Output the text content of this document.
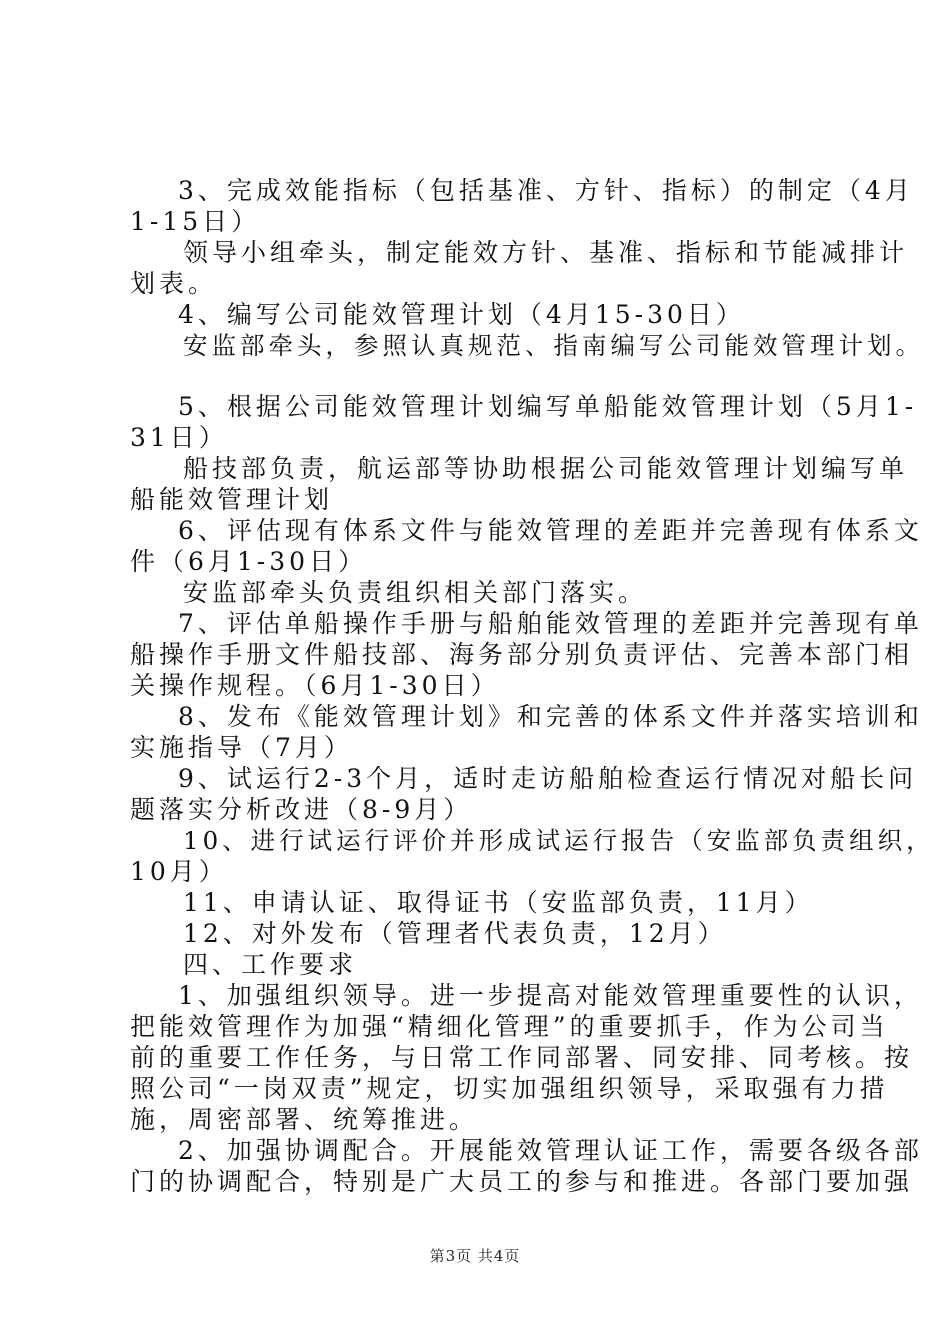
3、完成效能指标（包括基准、方针、指标）的制定（4月
1-15日）
领导小组牵头，制定能效方针、基准、指标和节能减排计
划表。
4、编写公司能效管理计划（4月15-30日）
安监部牵头，参照认真规范、指南编写公司能效管理计划。
5、根据公司能效管理计划编写单船能效管理计划（5月1-
31日）
船技部负责，航运部等协助根据公司能效管理计划编写单
船能效管理计划
6、评估现有体系文件与能效管理的差距并完善现有体系文
件（6月1-30日）
安监部牵头负责组织相关部门落实。
7、评估单船操作手册与船舶能效管理的差距并完善现有单
船操作手册文件船技部、海务部分别负责评估、完善本部门相
关操作规程。（6月1-30日）
8、发布《能效管理计划》和完善的体系文件并落实培训和
实施指导（7月）
9、试运行2-3个月，适时走访船舶检查运行情况对船长问
题落实分析改进（8-9月）
10、进行试运行评价并形成试运行报告（安监部负责组织，
10月）
11、申请认证、取得证书（安监部负责，11月）
12、对外发布（管理者代表负责，12月）
四、工作要求
1、加强组织领导。进一步提高对能效管理重要性的认识，
把能效管理作为加强“精细化管理”的重要抓手，作为公司当
前的重要工作任务，与日常工作同部署、同安排、同考核。按
照公司“一岗双责”规定，切实加强组织领导，采取强有力措
施，周密部署、统筹推进。
2、加强协调配合。开展能效管理认证工作，需要各级各部
门的协调配合，特别是广大员工的参与和推进。各部门要加强
第3页 共4页
